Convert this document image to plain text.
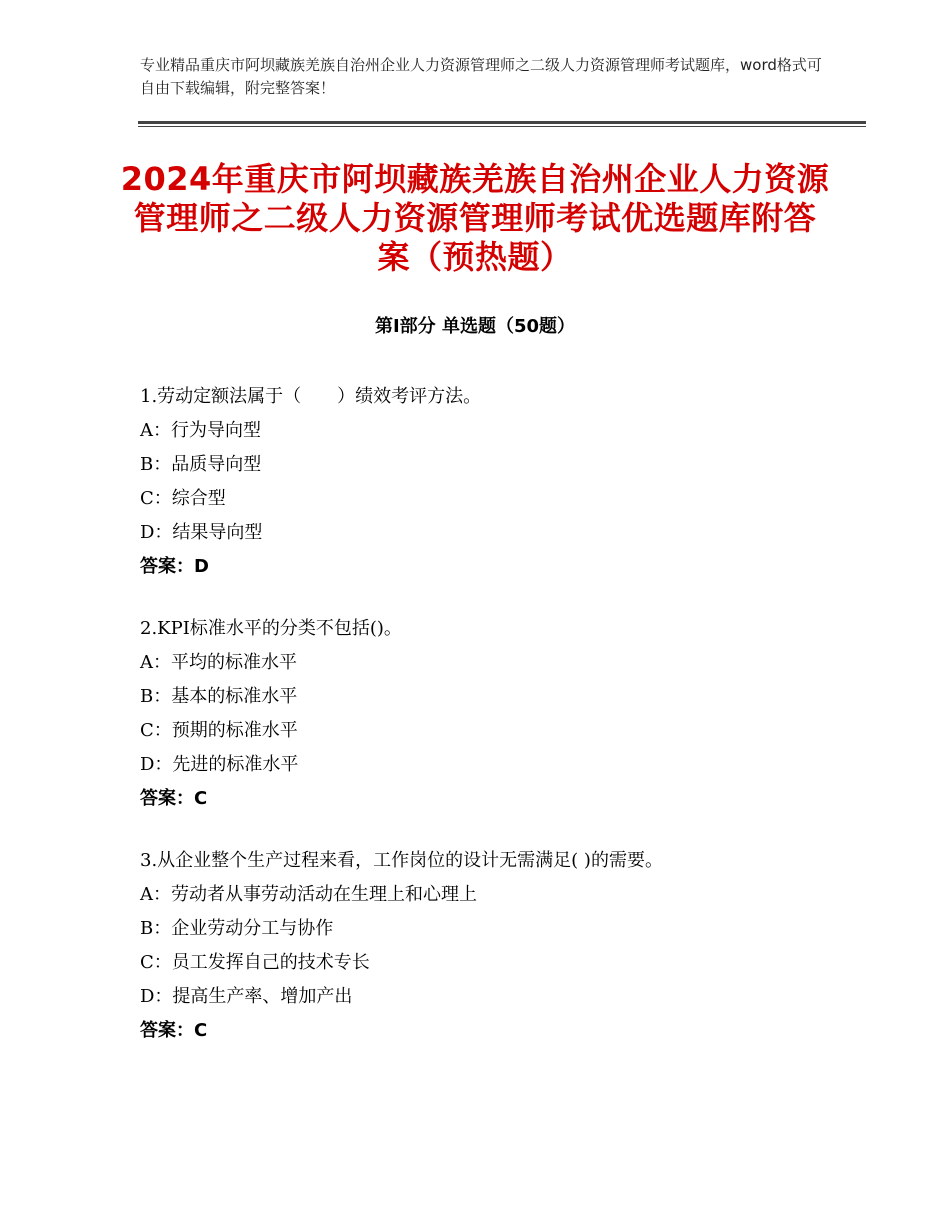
专业精品重庆市阿坝藏族羌族自治州企业人力资源管理师之二级人力资源管理师考试题库，word格式可自由下载编辑，附完整答案！
2024年重庆市阿坝藏族羌族自治州企业人力资源管理师之二级人力资源管理师考试优选题库附答案（预热题）
第Ⅰ部分 单选题（50题）
1.劳动定额法属于（　　）绩效考评方法。
A：行为导向型
B：品质导向型
C：综合型
D：结果导向型
答案：D
2.KPI标准水平的分类不包括()。
A：平均的标准水平
B：基本的标准水平
C：预期的标准水平
D：先进的标准水平
答案：C
3.从企业整个生产过程来看，工作岗位的设计无需满足( )的需要。
A：劳动者从事劳动活动在生理上和心理上
B：企业劳动分工与协作
C：员工发挥自己的技术专长
D：提高生产率、增加产出
答案：C
